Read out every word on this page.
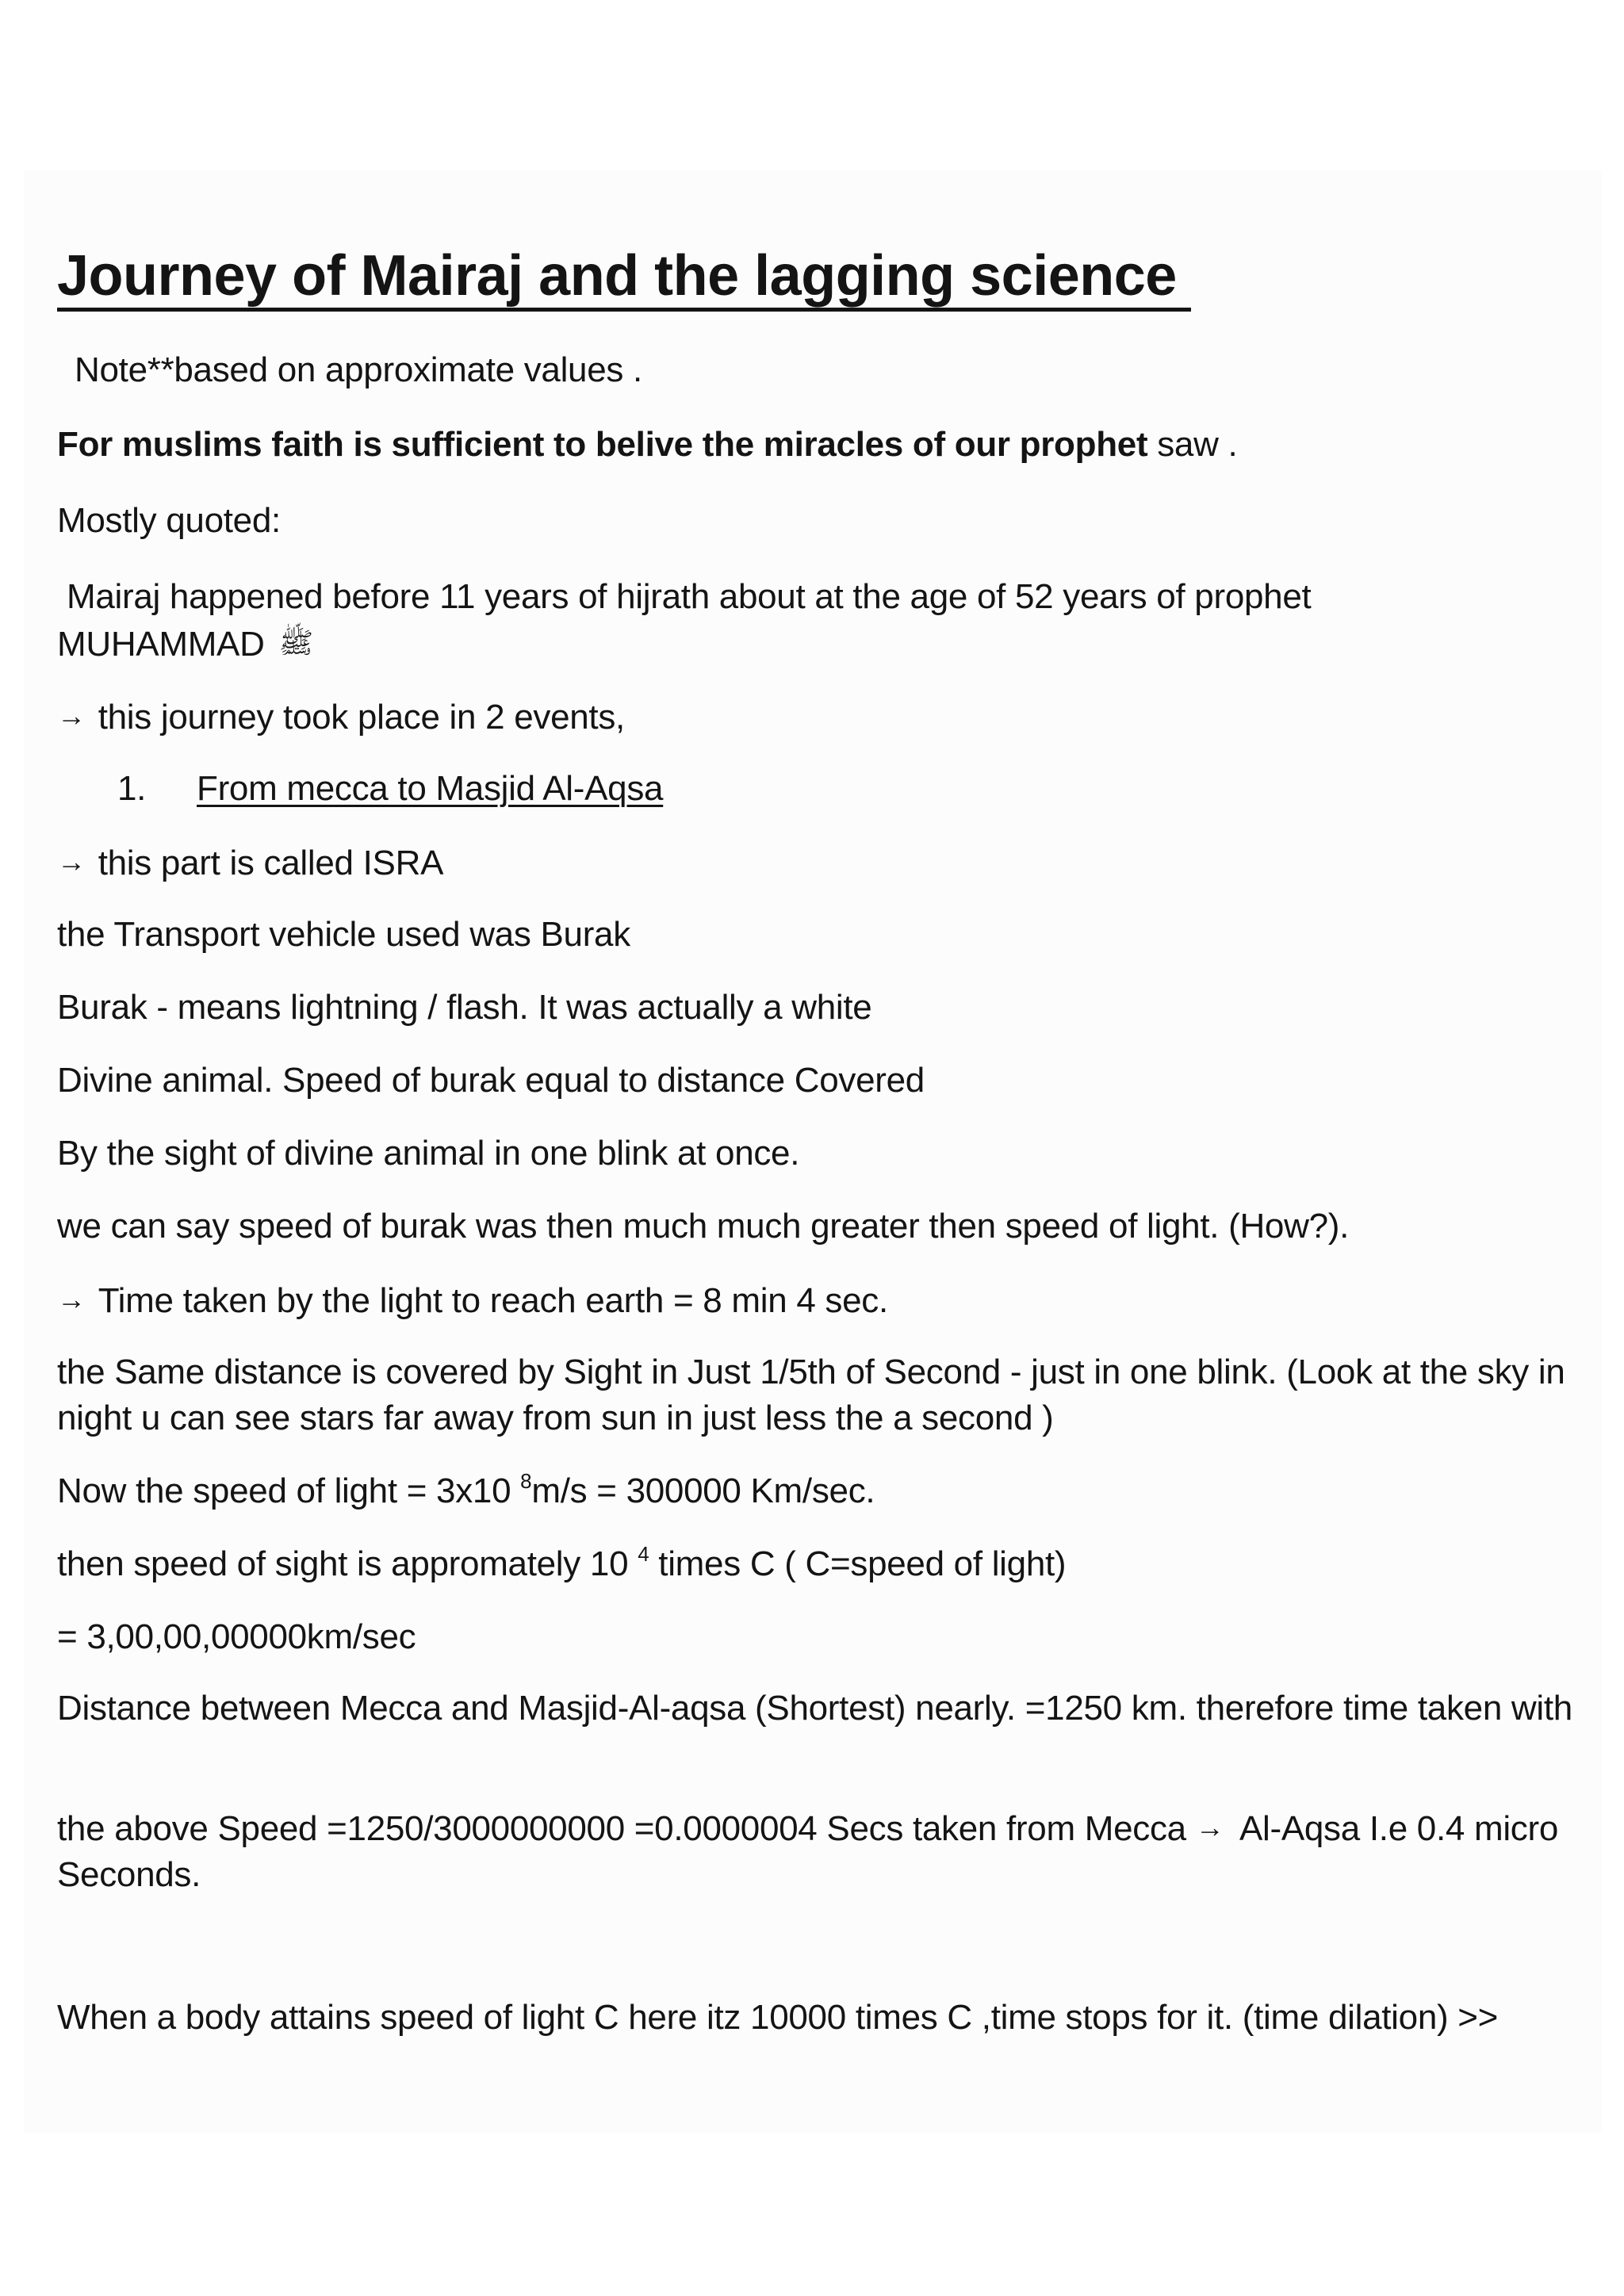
Journey of Mairaj and the lagging science
Note**based on approximate values .
For muslims faith is sufficient to belive the miracles of our prophet saw .
Mostly quoted:
Mairaj happened before 11 years of hijrath about at the age of 52 years of prophet
MUHAMMAD ﷺ
→ this journey took place in 2 events,
1. From mecca to Masjid Al-Aqsa
→ this part is called ISRA
the Transport vehicle used was Burak
Burak - means lightning / flash. It was actually a white
Divine animal. Speed of burak equal to distance Covered
By the sight of divine animal in one blink at once.
we can say speed of burak was then much much greater then speed of light. (How?).
→ Time taken by the light to reach earth = 8 min 4 sec.
the Same distance is covered by Sight in Just 1/5th of Second - just in one blink. (Look at the sky in night u can see stars far away from sun in just less the a second )
Now the speed of light = 3x10 $^8$m/s = 300000 Km/sec.
then speed of sight is appromately 10 $^4$ times C ( C=speed of light)
= 3,00,00,00000km/sec
Distance between Mecca and Masjid-Al-aqsa (Shortest) nearly. =1250 km. therefore time taken with
the above Speed =1250/3000000000 =0.0000004 Secs taken from Mecca → Al-Aqsa I.e 0.4 micro Seconds.
When a body attains speed of light C here itz 10000 times C ,time stops for it. (time dilation) >>
